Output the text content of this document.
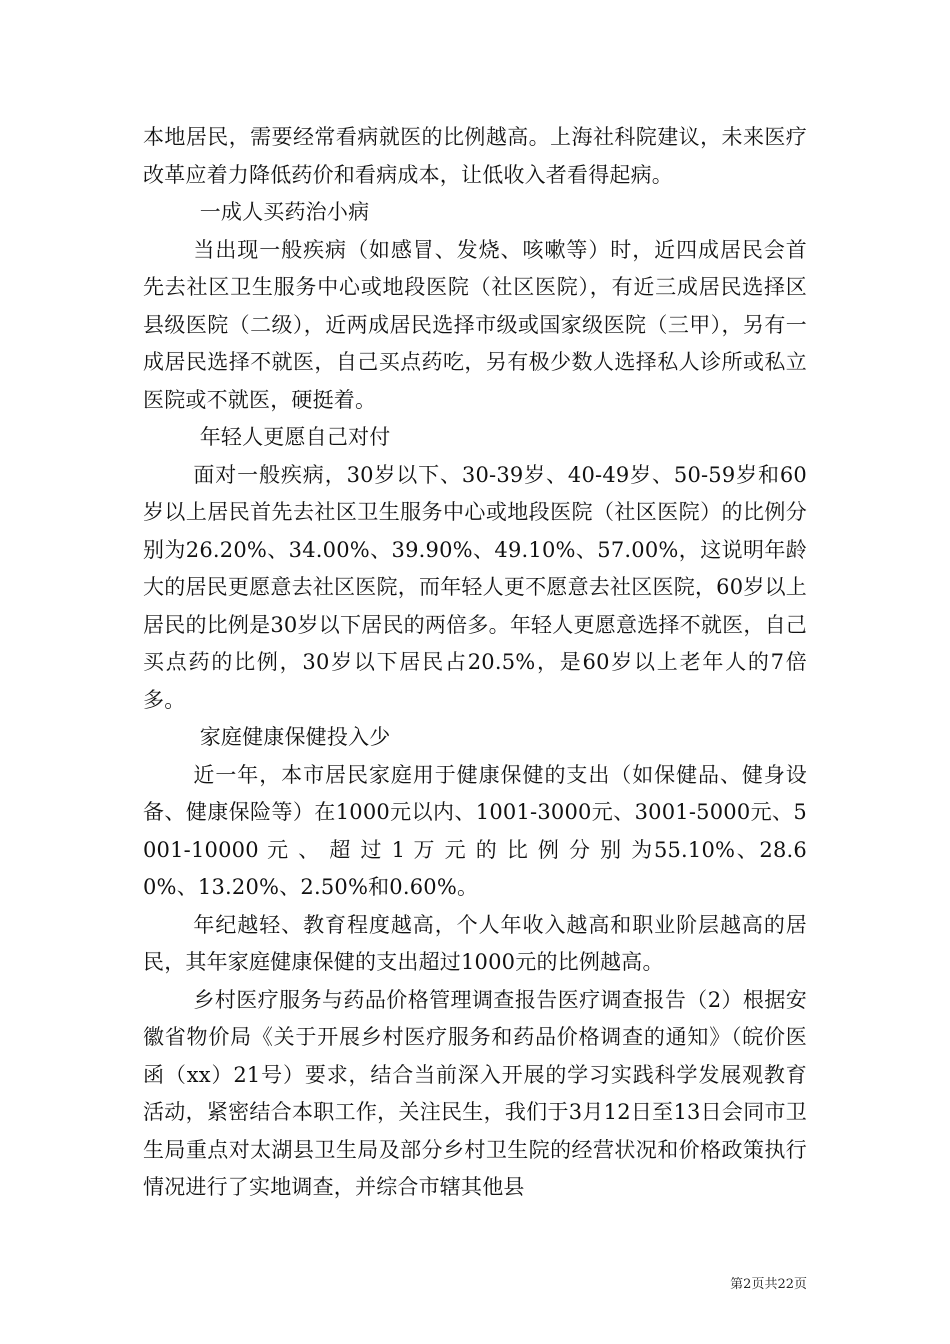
本地居民，需要经常看病就医的比例越高。上海社科院建议，未来医疗改革应着力降低药价和看病成本，让低收入者看得起病。

一成人买药治小病

当出现一般疾病（如感冒、发烧、咳嗽等）时，近四成居民会首先去社区卫生服务中心或地段医院（社区医院），有近三成居民选择区县级医院（二级），近两成居民选择市级或国家级医院（三甲），另有一成居民选择不就医，自己买点药吃，另有极少数人选择私人诊所或私立医院或不就医，硬挺着。

年轻人更愿自己对付

面对一般疾病，30岁以下、30-39岁、40-49岁、50-59岁和60岁以上居民首先去社区卫生服务中心或地段医院（社区医院）的比例分别为26.20%、34.00%、39.90%、49.10%、57.00%，这说明年龄大的居民更愿意去社区医院，而年轻人更不愿意去社区医院，60岁以上居民的比例是30岁以下居民的两倍多。年轻人更愿意选择不就医，自己买点药的比例，30岁以下居民占20.5%，是60岁以上老年人的7倍多。

家庭健康保健投入少

近一年，本市居民家庭用于健康保健的支出（如保健品、健身设备、健康保险等）在1000元以内、1001-3000元、3001-5000元、5001-10000 元 、 超 过 1 万 元 的 比 例 分 别 为55.10%、28.60%、13.20%、2.50%和0.60%。

年纪越轻、教育程度越高，个人年收入越高和职业阶层越高的居民，其年家庭健康保健的支出超过1000元的比例越高。

乡村医疗服务与药品价格管理调查报告医疗调查报告（2）根据安徽省物价局《关于开展乡村医疗服务和药品价格调查的通知》（皖价医函（xx）21号）要求，结合当前深入开展的学习实践科学发展观教育活动，紧密结合本职工作，关注民生，我们于3月12日至13日会同市卫生局重点对太湖县卫生局及部分乡村卫生院的经营状况和价格政策执行情况进行了实地调查，并综合市辖其他县

第2页共22页
